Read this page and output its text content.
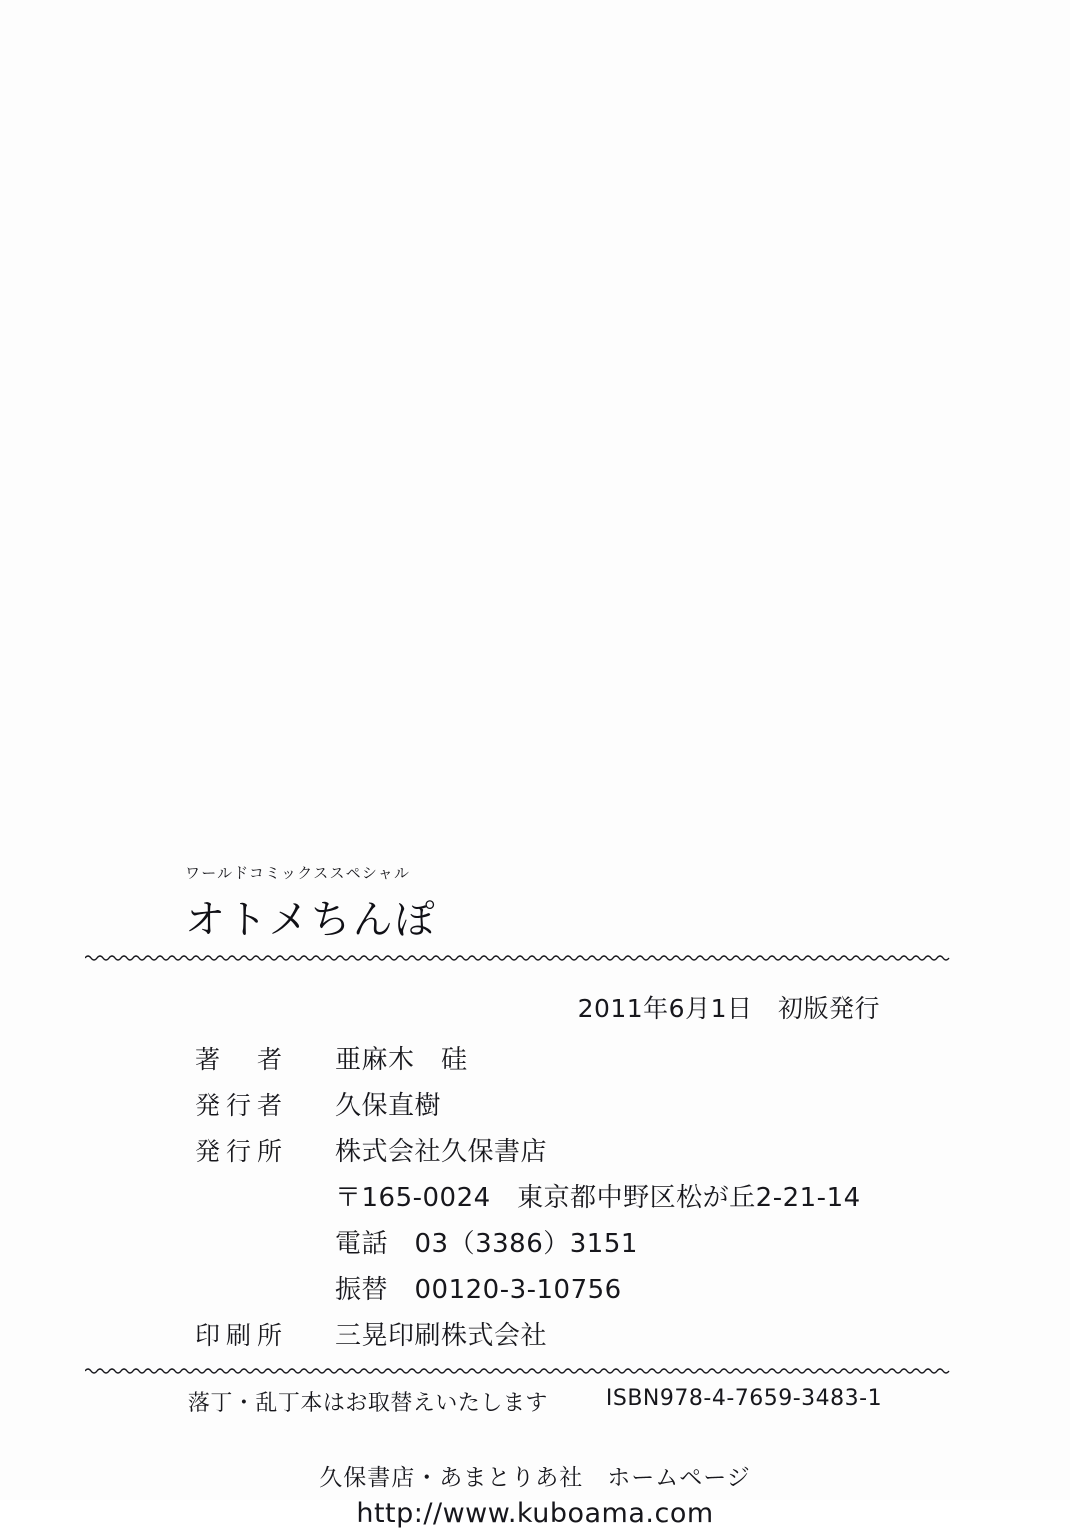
ワールドコミックススペシャル
オトメちんぽ
2011年6月1日　初版発行
著　者	亜麻木　硅
発行者	久保直樹
発行所	株式会社久保書店
〒165-0024　東京都中野区松が丘2-21-14
電話　03（3386）3151
振替　00120-3-10756
印刷所	三晃印刷株式会社
落丁・乱丁本はお取替えいたします	ISBN978-4-7659-3483-1
久保書店・あまとりあ社　ホームページ
http://www.kuboama.com
